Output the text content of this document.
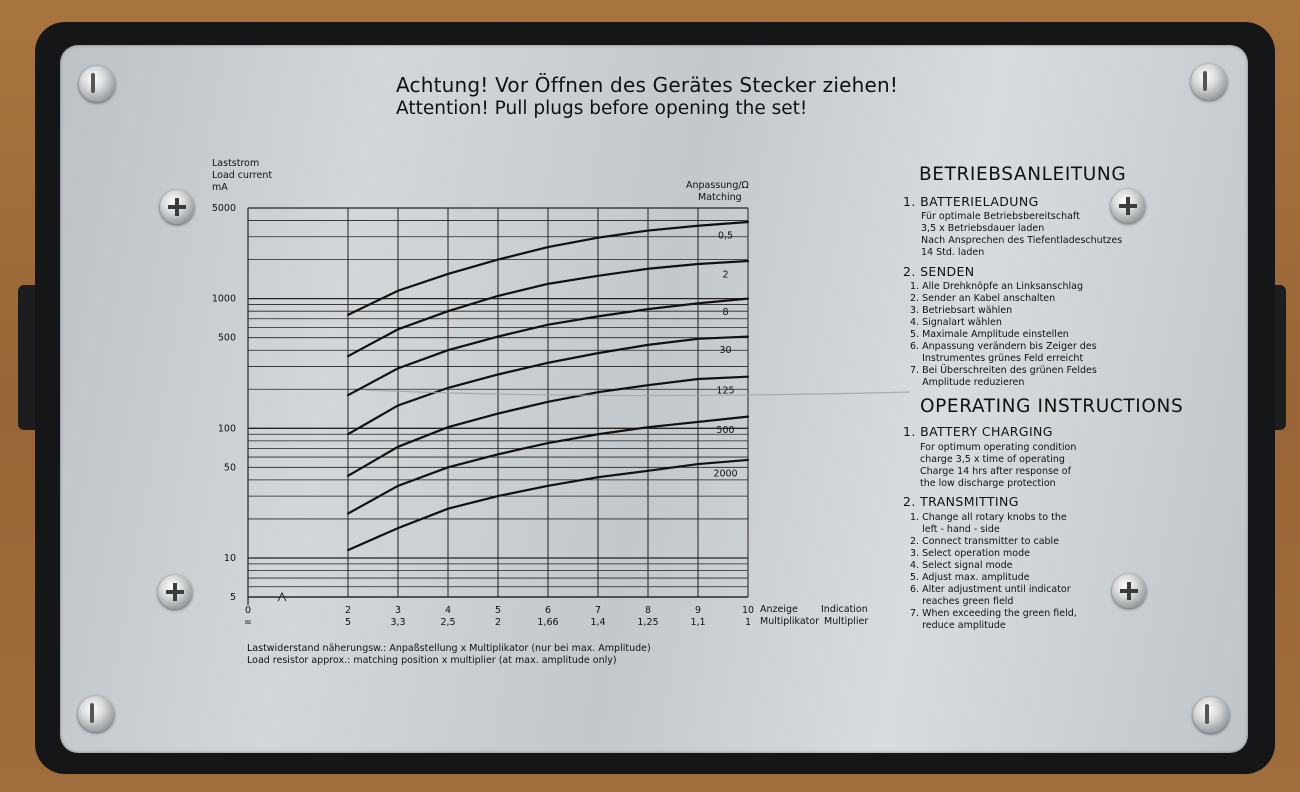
Achtung! Vor Öffnen des Gerätes Stecker ziehen!
Attention! Pull plugs before opening the set!
Laststrom
Load current
mA	Anpassung/Ω
Matching
Anzeige
Multiplikator
Indication
Multiplier
Lastwiderstand näherungsw.: Anpaßstellung x Multiplikator (nur bei max. Amplitude)
Load resistor approx.: matching position x multiplier (at max. amplitude only)
5000
1000
500
100
50
10
5
0	2	3	4	5	6	7	8	9	10
∞	5	3,3	2,5	2	1,66	1,4	1,25	1,1	1
0,5
2
8
30
125
500
2000
BETRIEBSANLEITUNG
1. BATTERIELADUNG
Für optimale Betriebsbereitschaft
3,5 x Betriebsdauer laden
Nach Ansprechen des Tiefentladeschutzes
14 Std. laden
2. SENDEN
1. Alle Drehknöpfe an Linksanschlag
2. Sender an Kabel anschalten
3. Betriebsart wählen
4. Signalart wählen
5. Maximale Amplitude einstellen
6. Anpassung verändern bis Zeiger des
Instrumentes grünes Feld erreicht
7. Bei Überschreiten des grünen Feldes
Amplitude reduzieren
OPERATING INSTRUCTIONS
1. BATTERY CHARGING
For optimum operating condition
charge 3,5 x time of operating
Charge 14 hrs after response of
the low discharge protection
2. TRANSMITTING
1. Change all rotary knobs to the
left - hand - side
2. Connect transmitter to cable
3. Select operation mode
4. Select signal mode
5. Adjust max. amplitude
6. Alter adjustment until indicator
reaches green field
7. When exceeding the green field,
reduce amplitude
